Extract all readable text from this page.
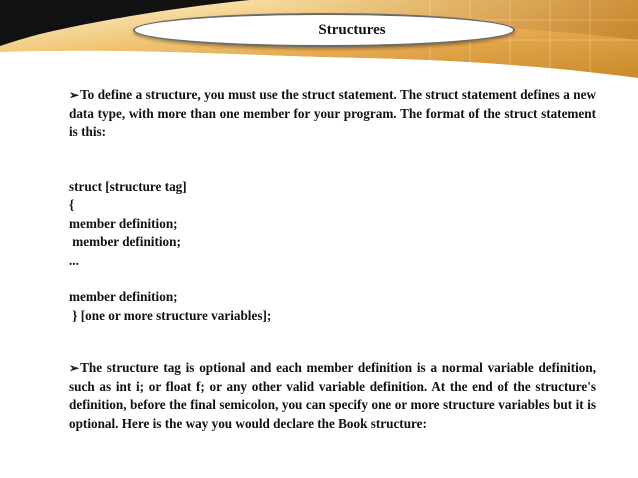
Structures

➢To define a structure, you must use the struct statement. The struct statement defines a new data type, with more than one member for your program. The format of the struct statement is this:

struct [structure tag]
{
member definition;
member definition;
...
member definition;
} [one or more structure variables];

➢The structure tag is optional and each member definition is a normal variable definition, such as int i; or float f; or any other valid variable definition. At the end of the structure's definition, before the final semicolon, you can specify one or more structure variables but it is optional. Here is the way you would declare the Book structure:
